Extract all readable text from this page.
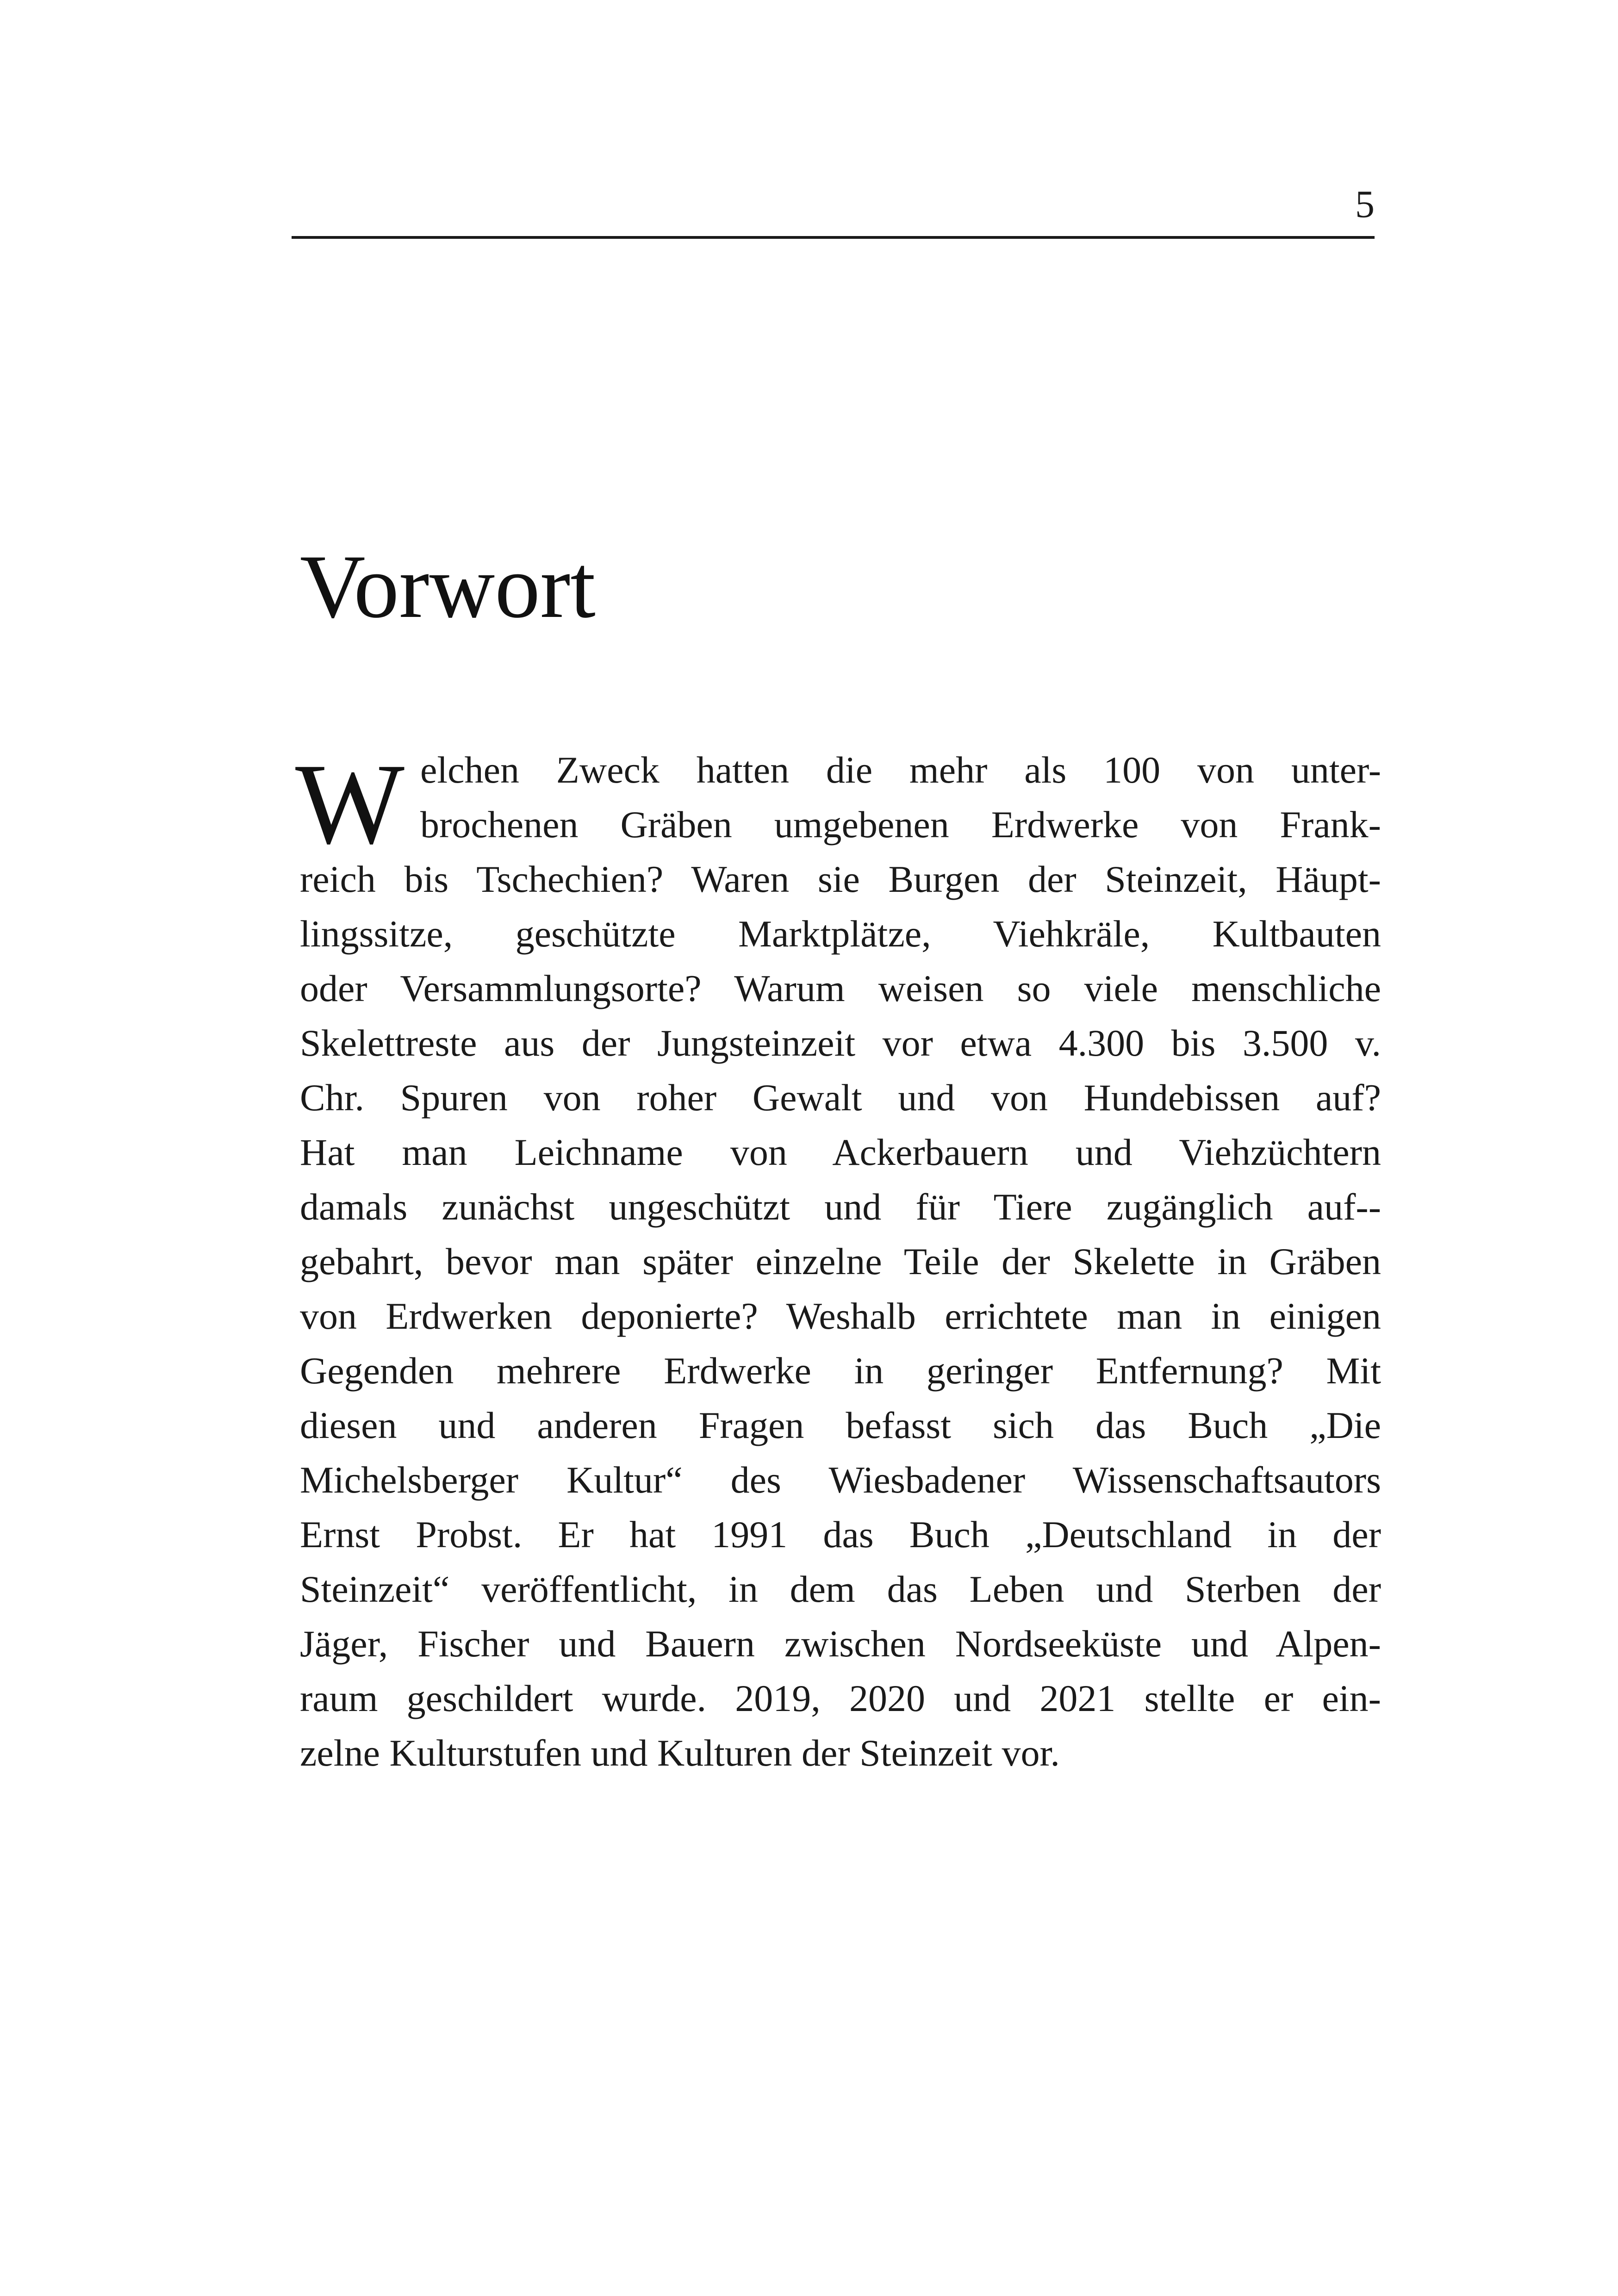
5
Vorwort
W elchen Zweck hatten die mehr als 100 von unter-
brochenen Gräben umgebenen Erdwerke von Frank-
reich bis Tschechien? Waren sie Burgen der Steinzeit, Häupt-
lingssitze, geschützte Marktplätze, Viehkräle, Kultbauten
oder Versammlungsorte? Warum weisen so viele menschliche
Skelettreste aus der Jungsteinzeit vor etwa 4.300 bis 3.500 v.
Chr. Spuren von roher Gewalt und von Hundebissen auf?
Hat man Leichname von Ackerbauern und Viehzüchtern
damals zunächst ungeschützt und für Tiere zugänglich auf--
gebahrt, bevor man später einzelne Teile der Skelette in Gräben
von Erdwerken deponierte? Weshalb errichtete man in einigen
Gegenden mehrere Erdwerke in geringer Entfernung? Mit
diesen und anderen Fragen befasst sich das Buch „Die
Michelsberger Kultur“ des Wiesbadener Wissenschaftsautors
Ernst Probst. Er hat 1991 das Buch „Deutschland in der
Steinzeit“ veröffentlicht, in dem das Leben und Sterben der
Jäger, Fischer und Bauern zwischen Nordseeküste und Alpen-
raum geschildert wurde. 2019, 2020 und 2021 stellte er ein-
zelne Kulturstufen und Kulturen der Steinzeit vor.
